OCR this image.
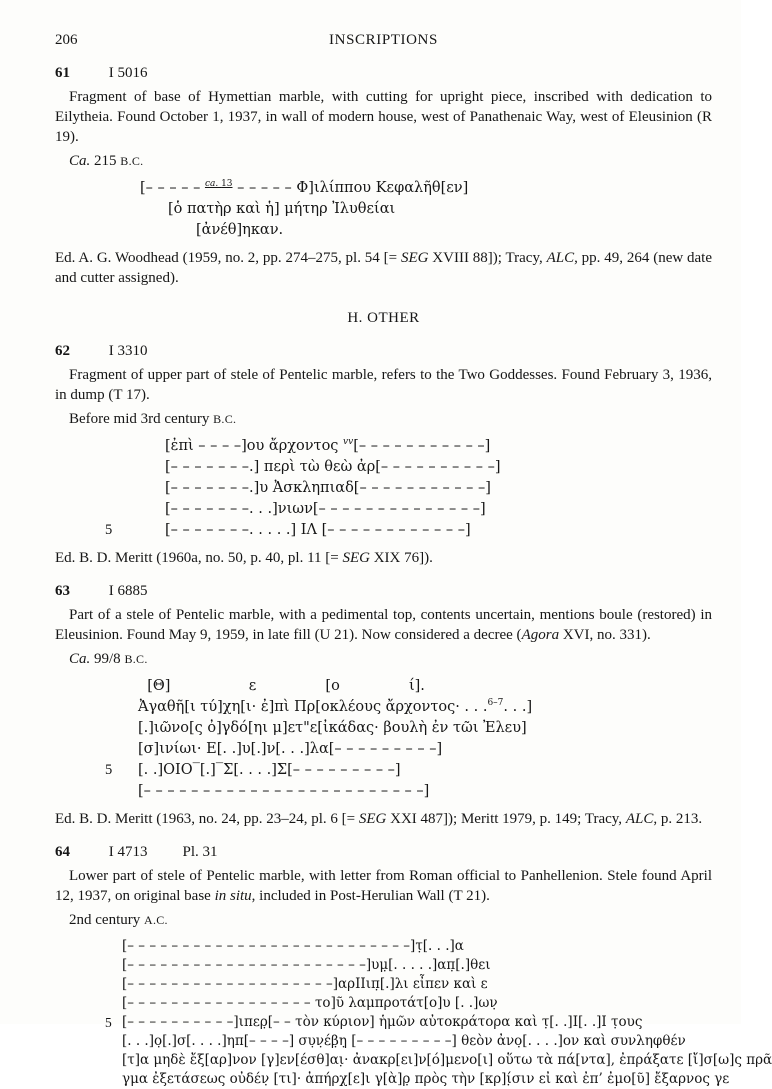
206	INSCRIPTIONS
61	I 5016

Fragment of base of Hymettian marble, with cutting for upright piece, inscribed with dedication to Eilytheia. Found October 1, 1937, in wall of modern house, west of Panathenaic Way, west of Eleusinion (R 19).

Ca. 215 B.C.

[– – – – – $^{ca.}$ $^{13}$ – – – – – Φ]ιλίππου Κεφαλῆθ[εν]
[ὁ πατὴρ καὶ ἡ] μήτηρ Ἰλυθείαι
[ἀνέθ]ηκαν.

Ed. A. G. Woodhead (1959, no. 2, pp. 274–275, pl. 54 [= SEG XVIII 88]); Tracy, ALC, pp. 49, 264 (new date and cutter assigned).

H. OTHER
62	I 3310

Fragment of upper part of stele of Pentelic marble, refers to the Two Goddesses. Found February 3, 1936, in dump (T 17).

Before mid 3rd century B.C.

[ἐπὶ – – – –]ου ἄρχοντος $^{vv}$[– – – – – – – – – – –]
[– – – – – – –.] περὶ τὼ θεὼ ἀρ[– – – – – – – – – –]
[– – – – – – –.]υ Ἀσκληπιαδ[– – – – – – – – – – –]
[– – – – – – –. . .]νιων[– – – – – – – – – – – – – –]
5	[– – – – – – –. . . . .] ΙΛ [– – – – – – – – – – – –]

Ed. B. D. Meritt (1960a, no. 50, p. 40, pl. 11 [= SEG XIX 76]).

63	I 6885

Part of a stele of Pentelic marble, with a pedimental top, contents uncertain, mentions boule (restored) in Eleusinion. Found May 9, 1959, in late fill (U 21). Now considered a decree (Agora XVI, no. 331).

Ca. 99/8 B.C.

[Θ]                 ε               [ο               ί].
Ἀγαθῆ[ι τύ]χη[ι· ἐ]πὶ Πρ[οκλέους ἄρχοντος· . . .$^{6-7}$. . .]
[.]ιῶνο[ς ὀ]γδό[ηι μ]ετ"ε[ἰκάδας· βουλὴ ἐν τῶι Ἐλευ]
[σ]ινίωι· Ε[. .]υ[.]ν[. . .]λα[– – – – – – – – –]
5 [. .]ΟΙΟ‾[.]‾Σ[. . . .]Σ[– – – – – – – – –]
[– – – – – – – – – – – – – – – – – – – – – – – –]

Ed. B. D. Meritt (1963, no. 24, pp. 23–24, pl. 6 [= SEG XXI 487]); Meritt 1979, p. 149; Tracy, ALC, p. 213.

64	I 4713 Pl. 31

Lower part of stele of Pentelic marble, with letter from Roman official to Panhellenion. Stele found April 12, 1937, on original base in situ, included in Post-Herulian Wall (T 21).

2nd century A.C.

[– – – – – – – – – – – – – – – – – – – – – – – – – –]τ̣[. . .]α
[– – – – – – – – – – – – – – – – – – – – – –]υμ̣[. . . . .]απ̣[.]θει
[– – – – – – – – – – – – – – – – – – –]αρΙΙιπ̣[.]λι εἶπεν καὶ ε
[– – – – – – – – – – – – – – – – – το]ῦ λαμπροτάτ[ο]υ [. .]ων̣
5 [– – – – – – – – – –]ιπερ̣[– – τὸν κύριον] ἡμῶν αὐτοκράτορα καὶ τ̣[. .]Ι[. .]Ι τ̣ους
[. . .]ο̣[.]σ[. . . .]ηπ[– – – –] συ̣ν̣έβ̣η̣ [– – – – – – – – –] θεὸν ἀνο̣[. . . .]ον καὶ συνληφθέν
[τ]α μηδὲ ἔξ[αρ]νον [γ]εν[έσθ]αι̣· ἀνακρ[ει]ν[ό]μενο[ι] οὕτω τὰ πά[ντα], ἐπράξατε [ἴ]σ[ω]ς πρᾶ
γμα ἐξετάσεως οὐδέν̣ [τι]· ἀπήρχ[ε]ι γ[ὰ]ρ̣ πρὸς τὴν [κρ]ί̣σιν εἰ καὶ ἐπ’ ἐμο[ῦ] ἔξαρνος γε
